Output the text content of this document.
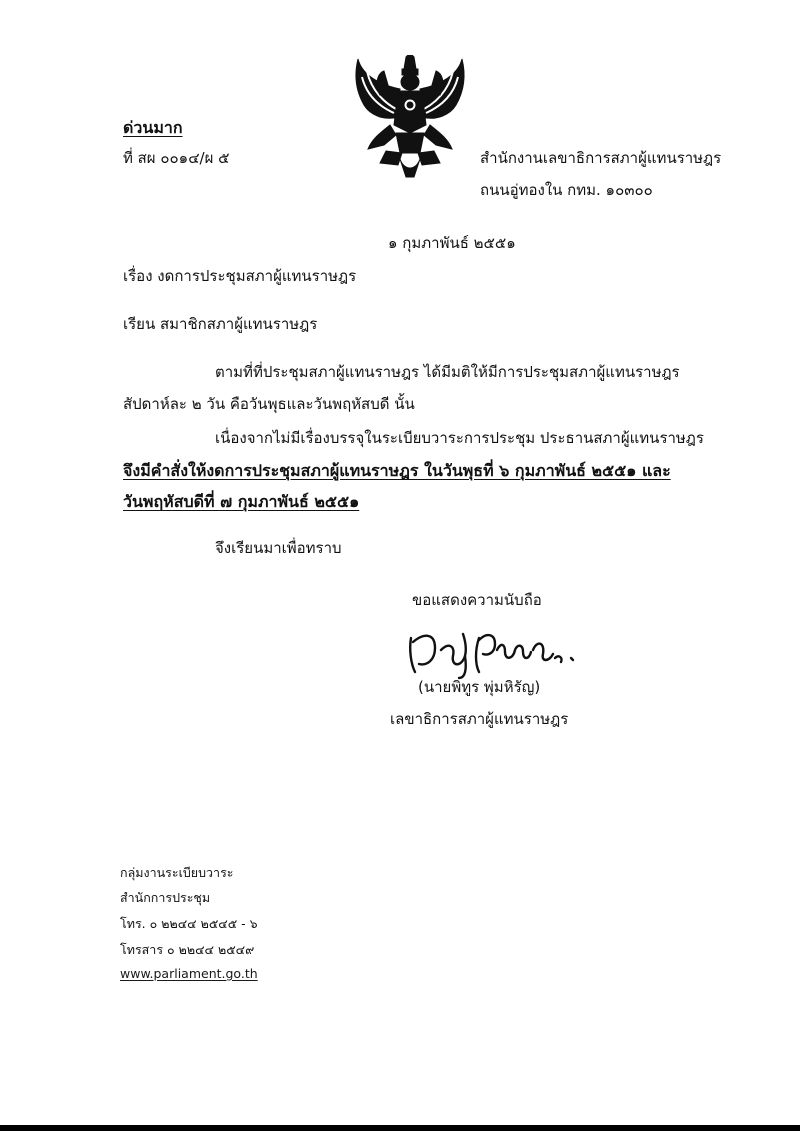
ด่วนมาก
ที่ สผ ๐๐๑๔/ผ ๕	สำนักงานเลขาธิการสภาผู้แทนราษฎร
ถนนอู่ทองใน กทม. ๑๐๓๐๐
๑ กุมภาพันธ์ ๒๕๕๑
เรื่อง งดการประชุมสภาผู้แทนราษฎร
เรียน สมาชิกสภาผู้แทนราษฎร
ตามที่ที่ประชุมสภาผู้แทนราษฎร ได้มีมติให้มีการประชุมสภาผู้แทนราษฎร
สัปดาห์ละ ๒ วัน คือวันพุธและวันพฤหัสบดี นั้น
เนื่องจากไม่มีเรื่องบรรจุในระเบียบวาระการประชุม ประธานสภาผู้แทนราษฎร
จึงมีคำสั่งให้งดการประชุมสภาผู้แทนราษฎร ในวันพุธที่ ๖ กุมภาพันธ์ ๒๕๕๑ และ
วันพฤหัสบดีที่ ๗ กุมภาพันธ์ ๒๕๕๑
จึงเรียนมาเพื่อทราบ
ขอแสดงความนับถือ
(นายพิทูร พุ่มหิรัญ)
เลขาธิการสภาผู้แทนราษฎร
กลุ่มงานระเบียบวาระ
สำนักการประชุม
โทร. ๐ ๒๒๔๔ ๒๕๔๕ - ๖
โทรสาร ๐ ๒๒๔๔ ๒๕๔๙
www.parliament.go.th
